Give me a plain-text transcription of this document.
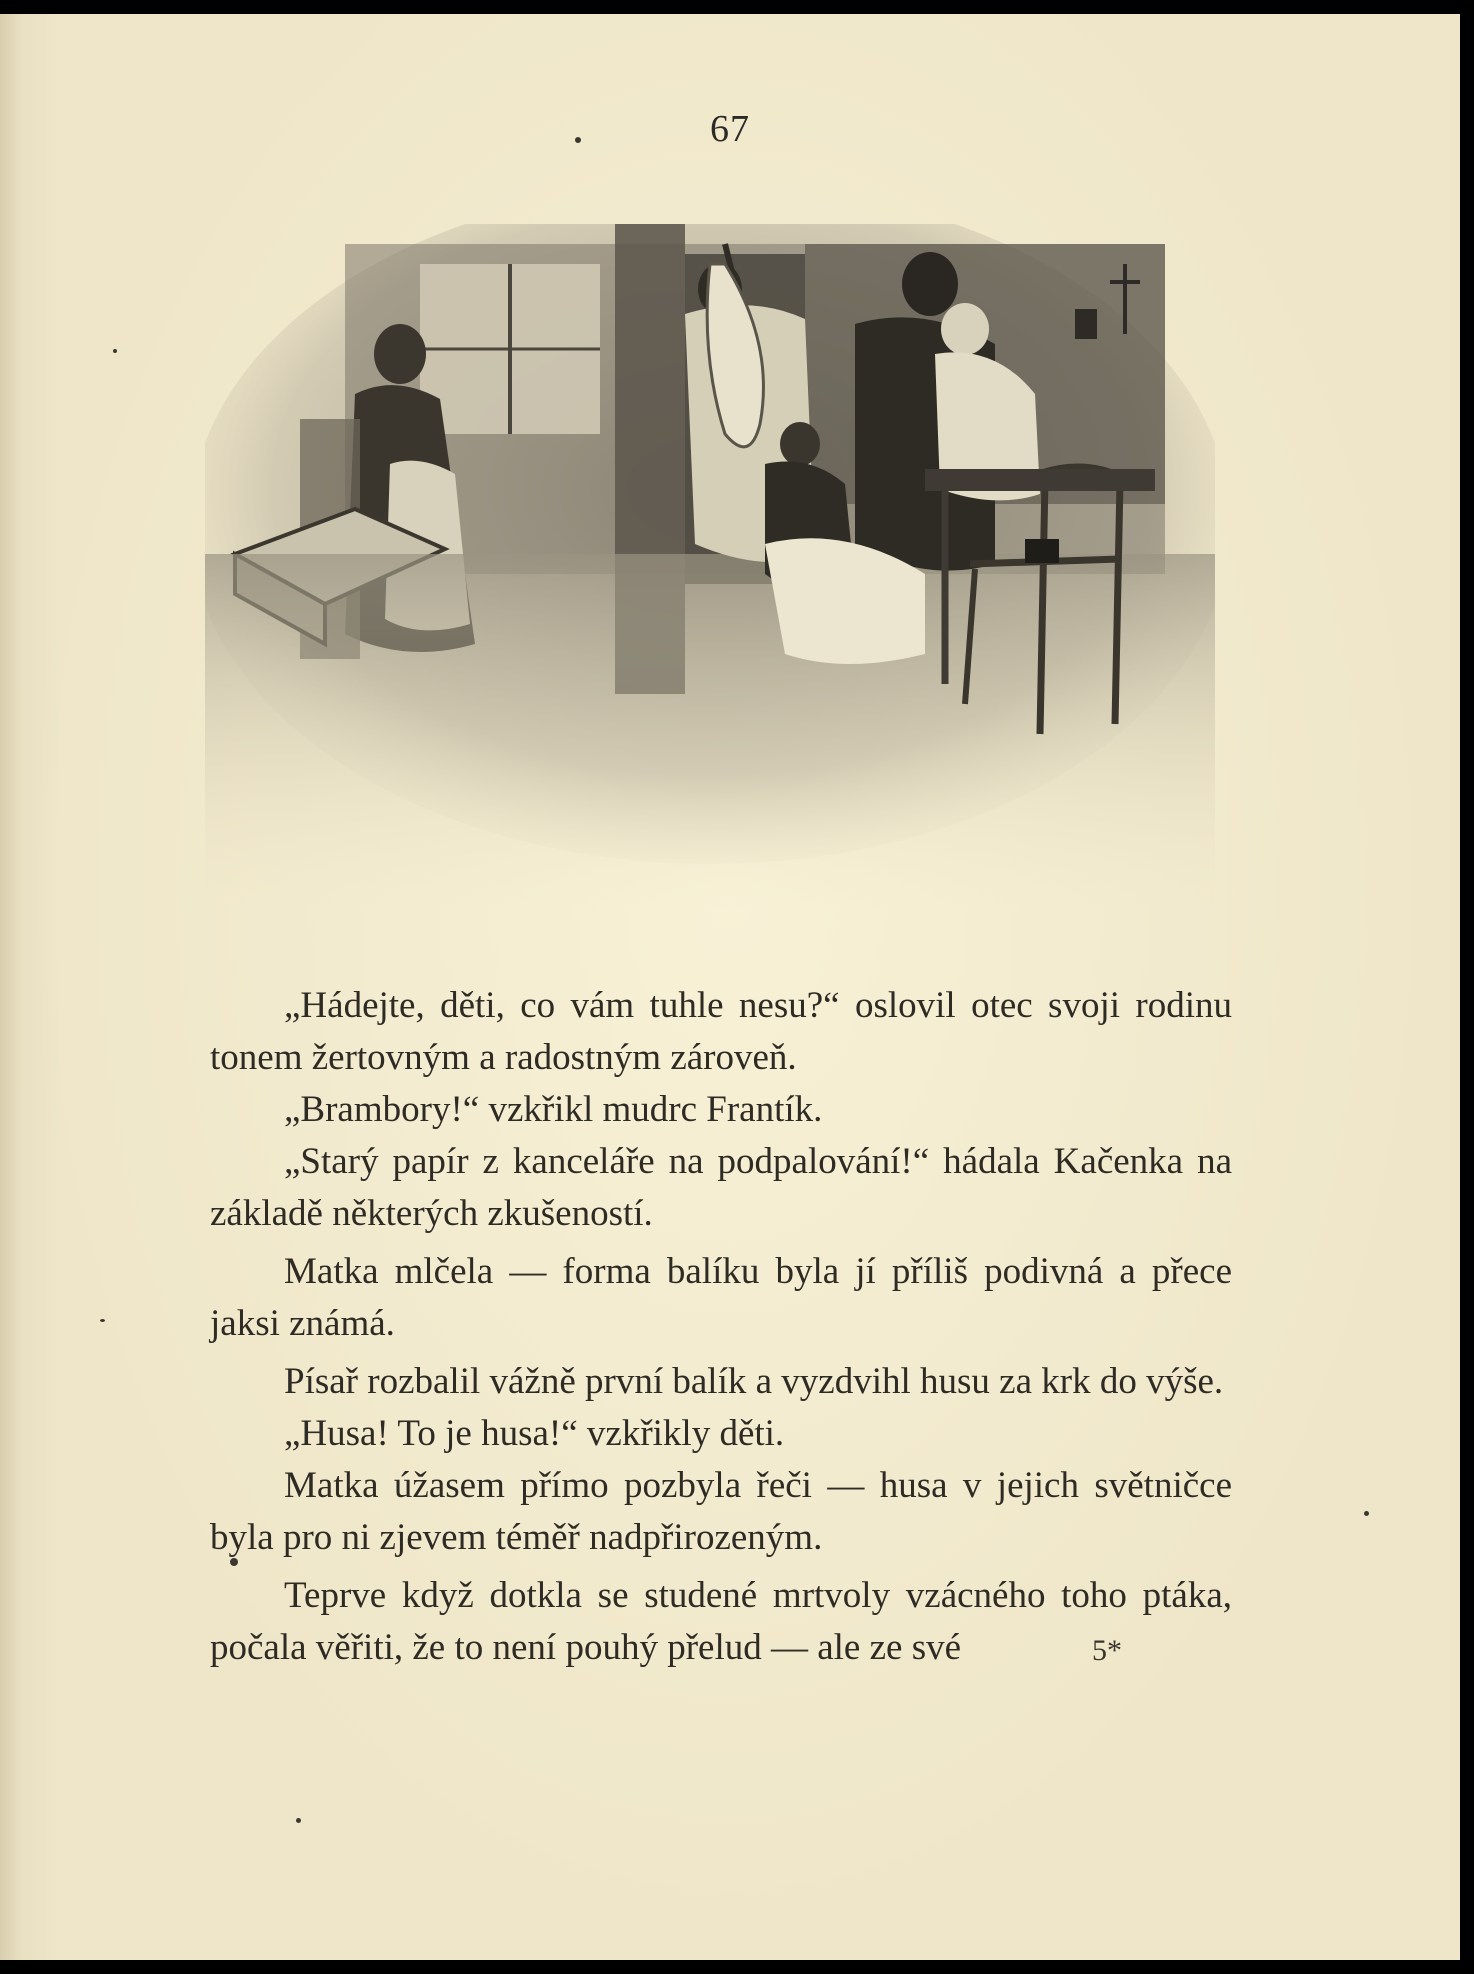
67

„Hádejte, děti, co vám tuhle nesu?“ oslovil otec svoji rodinu tonem žertovným a radostným zároveň.

„Brambory!“ vzkřikl mudrc Frantík.

„Starý papír z kanceláře na podpalování!“ hádala Kačenka na základě některých zkušeností.

Matka mlčela — forma balíku byla jí příliš podivná a přece jaksi známá.

Písař rozbalil vážně první balík a vyzdvihl husu za krk do výše.

„Husa! To je husa!“ vzkřikly děti.

Matka úžasem přímo pozbyla řeči — husa v jejich světničce byla pro ni zjevem téměř nadpřirozeným.

Teprve když dotkla se studené mrtvoly vzácného toho ptáka, počala věřiti, že to není pouhý přelud — ale ze své	5*
